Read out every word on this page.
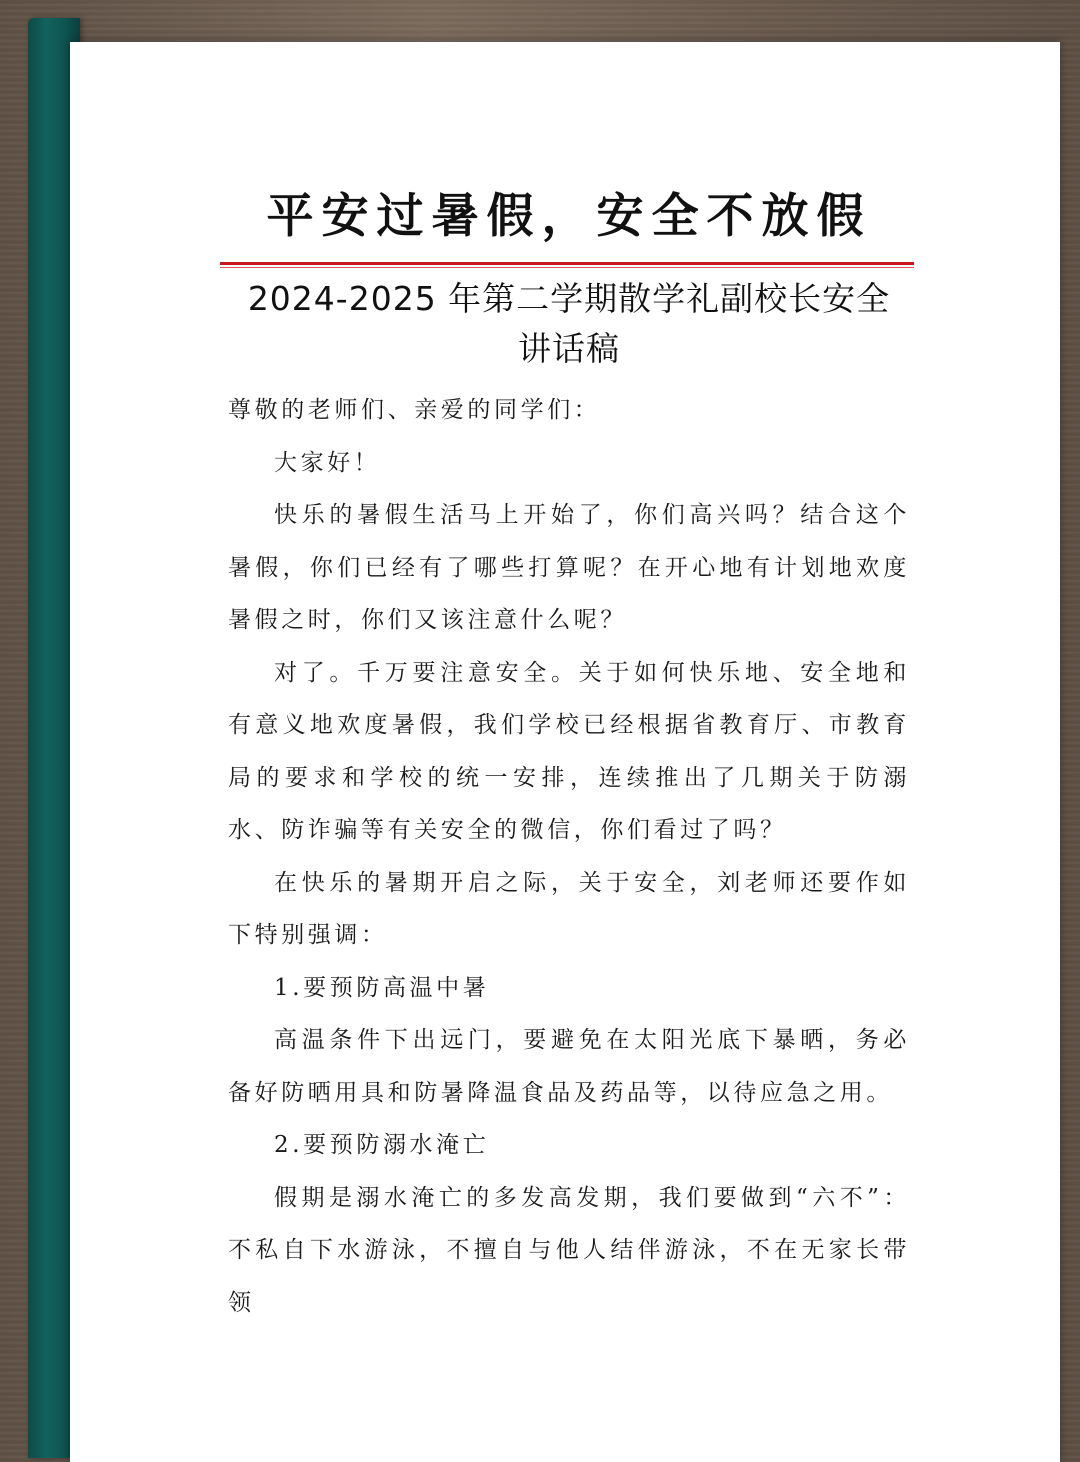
平安过暑假，安全不放假
2024-2025 年第二学期散学礼副校长安全
讲话稿

尊敬的老师们、亲爱的同学们：

大家好！

快乐的暑假生活马上开始了，你们高兴吗？结合这个暑假，你们已经有了哪些打算呢？在开心地有计划地欢度暑假之时，你们又该注意什么呢？

对了。千万要注意安全。关于如何快乐地、安全地和有意义地欢度暑假，我们学校已经根据省教育厅、市教育局的要求和学校的统一安排，连续推出了几期关于防溺水、防诈骗等有关安全的微信，你们看过了吗？

在快乐的暑期开启之际，关于安全，刘老师还要作如下特别强调：

1.要预防高温中暑

高温条件下出远门，要避免在太阳光底下暴晒，务必备好防晒用具和防暑降温食品及药品等，以待应急之用。

2.要预防溺水淹亡

假期是溺水淹亡的多发高发期，我们要做到“六不”：不私自下水游泳，不擅自与他人结伴游泳，不在无家长带领
